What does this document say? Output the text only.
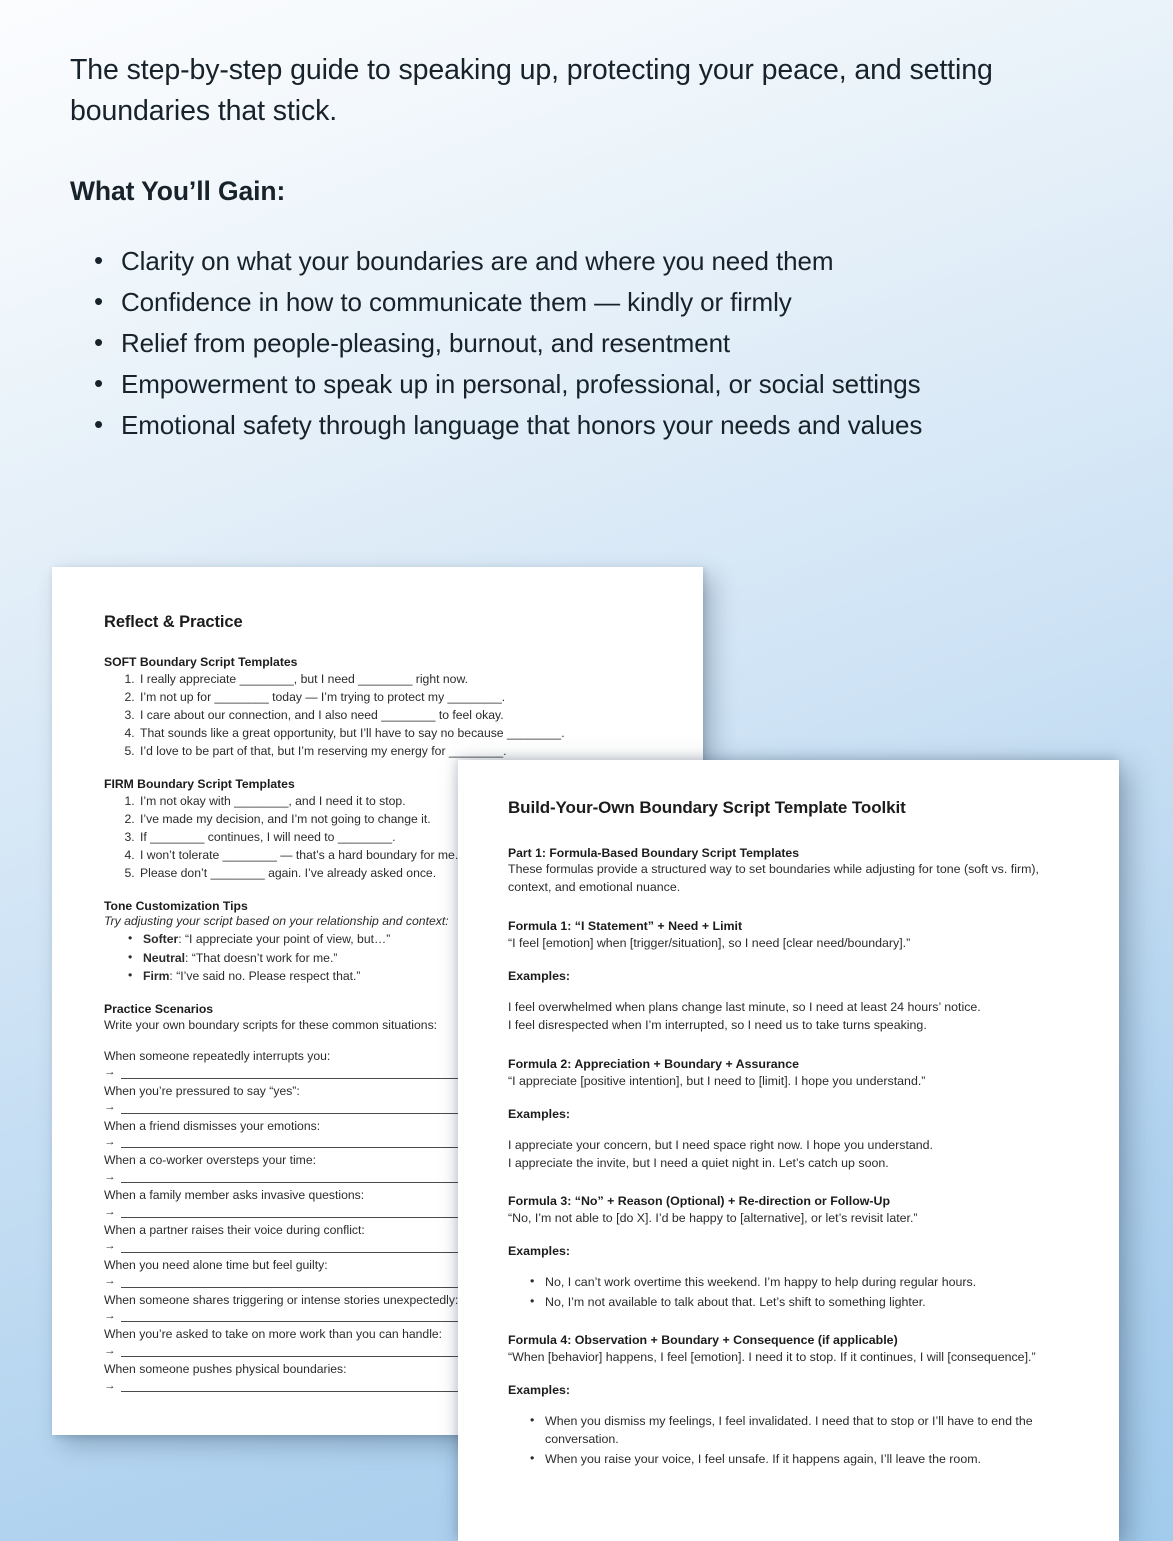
The step-by-step guide to speaking up, protecting your peace, and setting boundaries that stick.

What You’ll Gain:
• Clarity on what your boundaries are and where you need them
• Confidence in how to communicate them — kindly or firmly
• Relief from people-pleasing, burnout, and resentment
• Empowerment to speak up in personal, professional, or social settings
• Emotional safety through language that honors your needs and values
Reflect & Practice
SOFT Boundary Script Templates
1. I really appreciate ________, but I need ________ right now.
2. I’m not up for ________ today — I’m trying to protect my ________.
3. I care about our connection, and I also need ________ to feel okay.
4. That sounds like a great opportunity, but I’ll have to say no because ________.
5. I’d love to be part of that, but I’m reserving my energy for ________.
FIRM Boundary Script Templates
1. I’m not okay with ________, and I need it to stop.
2. I’ve made my decision, and I’m not going to change it.
3. If ________ continues, I will need to ________.
4. I won’t tolerate ________ — that’s a hard boundary for me.
5. Please don’t ________ again. I’ve already asked once.
Tone Customization Tips
Try adjusting your script based on your relationship and context:
• Softer: “I appreciate your point of view, but…”
• Neutral: “That doesn’t work for me.”
• Firm: “I’ve said no. Please respect that.”
Practice Scenarios
Write your own boundary scripts for these common situations:
When someone repeatedly interrupts you:
→
When you’re pressured to say “yes”:
→
When a friend dismisses your emotions:
→
When a co-worker oversteps your time:
→
When a family member asks invasive questions:
→
When a partner raises their voice during conflict:
→
When you need alone time but feel guilty:
→
When someone shares triggering or intense stories unexpectedly:
→
When you’re asked to take on more work than you can handle:
→
When someone pushes physical boundaries:
→
Build-Your-Own Boundary Script Template Toolkit
Part 1: Formula-Based Boundary Script Templates
These formulas provide a structured way to set boundaries while adjusting for tone (soft vs. firm), context, and emotional nuance.
Formula 1: “I Statement” + Need + Limit
“I feel [emotion] when [trigger/situation], so I need [clear need/boundary].”
Examples:
I feel overwhelmed when plans change last minute, so I need at least 24 hours’ notice.
I feel disrespected when I’m interrupted, so I need us to take turns speaking.
Formula 2: Appreciation + Boundary + Assurance
“I appreciate [positive intention], but I need to [limit]. I hope you understand.”
Examples:
I appreciate your concern, but I need space right now. I hope you understand.
I appreciate the invite, but I need a quiet night in. Let’s catch up soon.
Formula 3: “No” + Reason (Optional) + Re-direction or Follow-Up
“No, I’m not able to [do X]. I’d be happy to [alternative], or let’s revisit later.”
Examples:
• No, I can’t work overtime this weekend. I’m happy to help during regular hours.
• No, I’m not available to talk about that. Let’s shift to something lighter.
Formula 4: Observation + Boundary + Consequence (if applicable)
“When [behavior] happens, I feel [emotion]. I need it to stop. If it continues, I will [consequence].”
Examples:
• When you dismiss my feelings, I feel invalidated. I need that to stop or I’ll have to end the conversation.
• When you raise your voice, I feel unsafe. If it happens again, I’ll leave the room.
